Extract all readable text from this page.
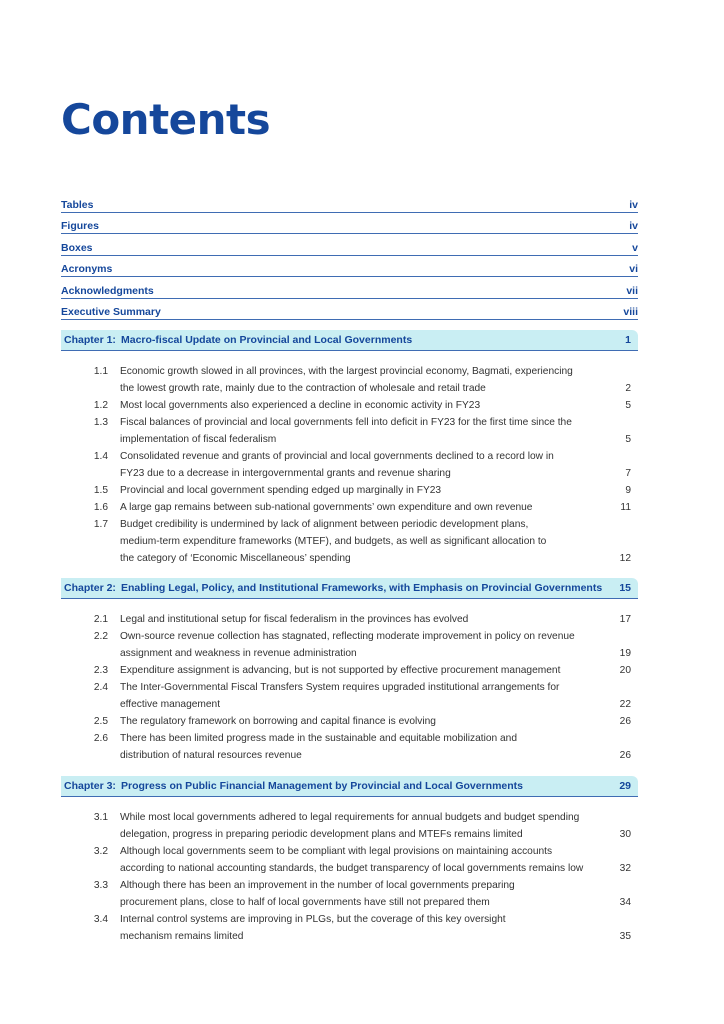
Contents
Tables	iv
Figures	iv
Boxes	v
Acronyms	vi
Acknowledgments	vii
Executive Summary	viii
Chapter 1: Macro-fiscal Update on Provincial and Local Governments	1
1.1	Economic growth slowed in all provinces, with the largest provincial economy, Bagmati, experiencing
the lowest growth rate, mainly due to the contraction of wholesale and retail trade	2
1.2	Most local governments also experienced a decline in economic activity in FY23	5
1.3	Fiscal balances of provincial and local governments fell into deficit in FY23 for the first time since the
implementation of fiscal federalism	5
1.4	Consolidated revenue and grants of provincial and local governments declined to a record low in
FY23 due to a decrease in intergovernmental grants and revenue sharing	7
1.5	Provincial and local government spending edged up marginally in FY23	9
1.6	A large gap remains between sub-national governments’ own expenditure and own revenue	11
1.7	Budget credibility is undermined by lack of alignment between periodic development plans,
medium-term expenditure frameworks (MTEF), and budgets, as well as significant allocation to
the category of ‘Economic Miscellaneous’ spending	12
Chapter 2: Enabling Legal, Policy, and Institutional Frameworks, with Emphasis on Provincial Governments	15
2.1	Legal and institutional setup for fiscal federalism in the provinces has evolved	17
2.2	Own-source revenue collection has stagnated, reflecting moderate improvement in policy on revenue
assignment and weakness in revenue administration	19
2.3	Expenditure assignment is advancing, but is not supported by effective procurement management	20
2.4	The Inter-Governmental Fiscal Transfers System requires upgraded institutional arrangements for
effective management	22
2.5	The regulatory framework on borrowing and capital finance is evolving	26
2.6	There has been limited progress made in the sustainable and equitable mobilization and
distribution of natural resources revenue	26
Chapter 3: Progress on Public Financial Management by Provincial and Local Governments	29
3.1	While most local governments adhered to legal requirements for annual budgets and budget spending
delegation, progress in preparing periodic development plans and MTEFs remains limited	30
3.2	Although local governments seem to be compliant with legal provisions on maintaining accounts
according to national accounting standards, the budget transparency of local governments remains low	32
3.3	Although there has been an improvement in the number of local governments preparing
procurement plans, close to half of local governments have still not prepared them	34
3.4	Internal control systems are improving in PLGs, but the coverage of this key oversight
mechanism remains limited	35
